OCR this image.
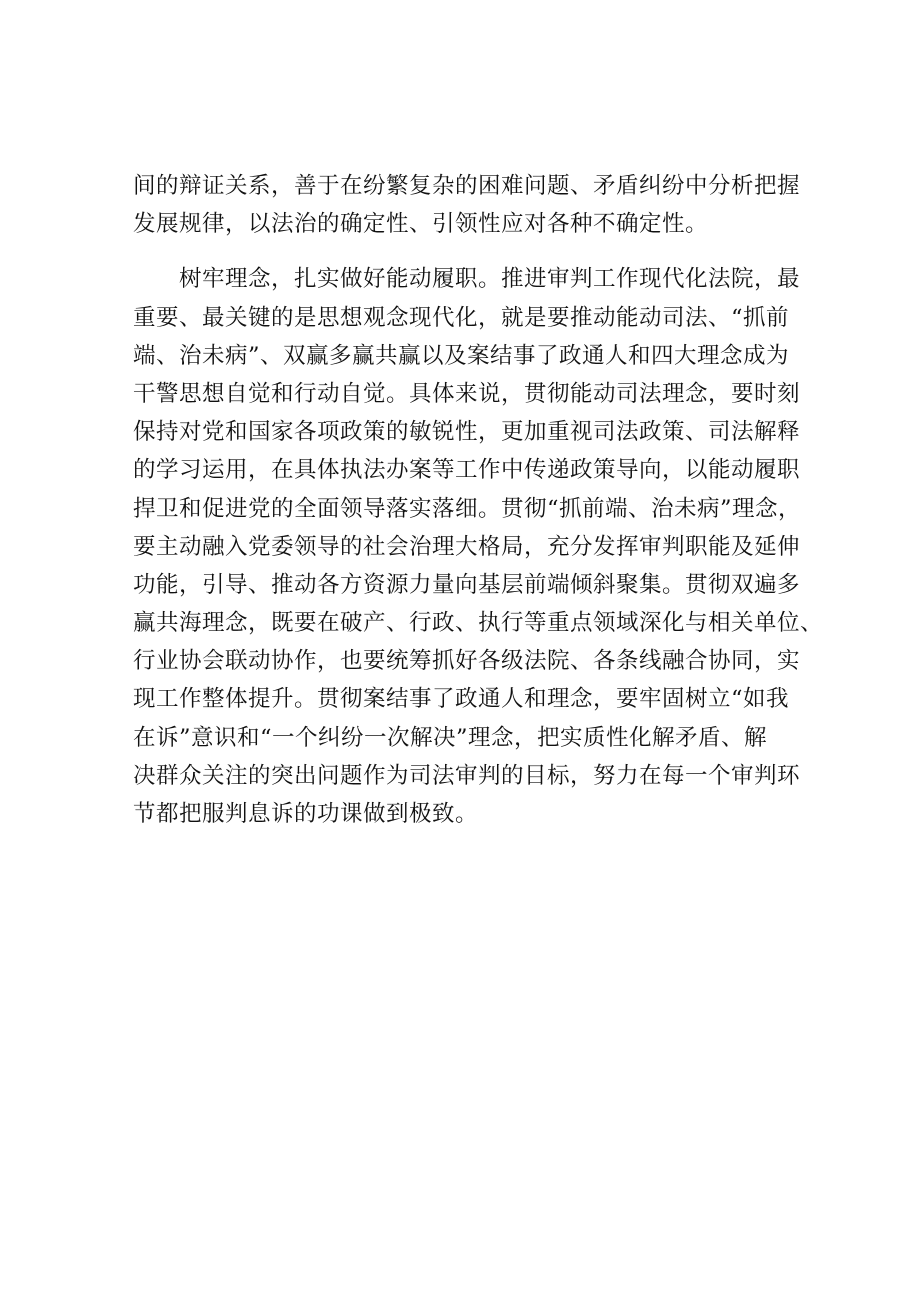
间的辩证关系，善于在纷繁复杂的困难问题、矛盾纠纷中分析把握
发展规律，以法治的确定性、引领性应对各种不确定性。
树牢理念，扎实做好能动履职。推进审判工作现代化法院，最
重要、最关键的是思想观念现代化，就是要推动能动司法、“抓前
端、治未病”、双赢多赢共赢以及案结事了政通人和四大理念成为
干警思想自觉和行动自觉。具体来说，贯彻能动司法理念，要时刻
保持对党和国家各项政策的敏锐性，更加重视司法政策、司法解释
的学习运用，在具体执法办案等工作中传递政策导向，以能动履职
捍卫和促进党的全面领导落实落细。贯彻“抓前端、治未病”理念，
要主动融入党委领导的社会治理大格局，充分发挥审判职能及延伸
功能，引导、推动各方资源力量向基层前端倾斜聚集。贯彻双遍多
赢共海理念，既要在破产、行政、执行等重点领域深化与相关单位、
行业协会联动协作，也要统筹抓好各级法院、各条线融合协同，实
现工作整体提升。贯彻案结事了政通人和理念，要牢固树立“如我
在诉”意识和“一个纠纷一次解决”理念，把实质性化解矛盾、解
决群众关注的突出问题作为司法审判的目标，努力在每一个审判环
节都把服判息诉的功课做到极致。
